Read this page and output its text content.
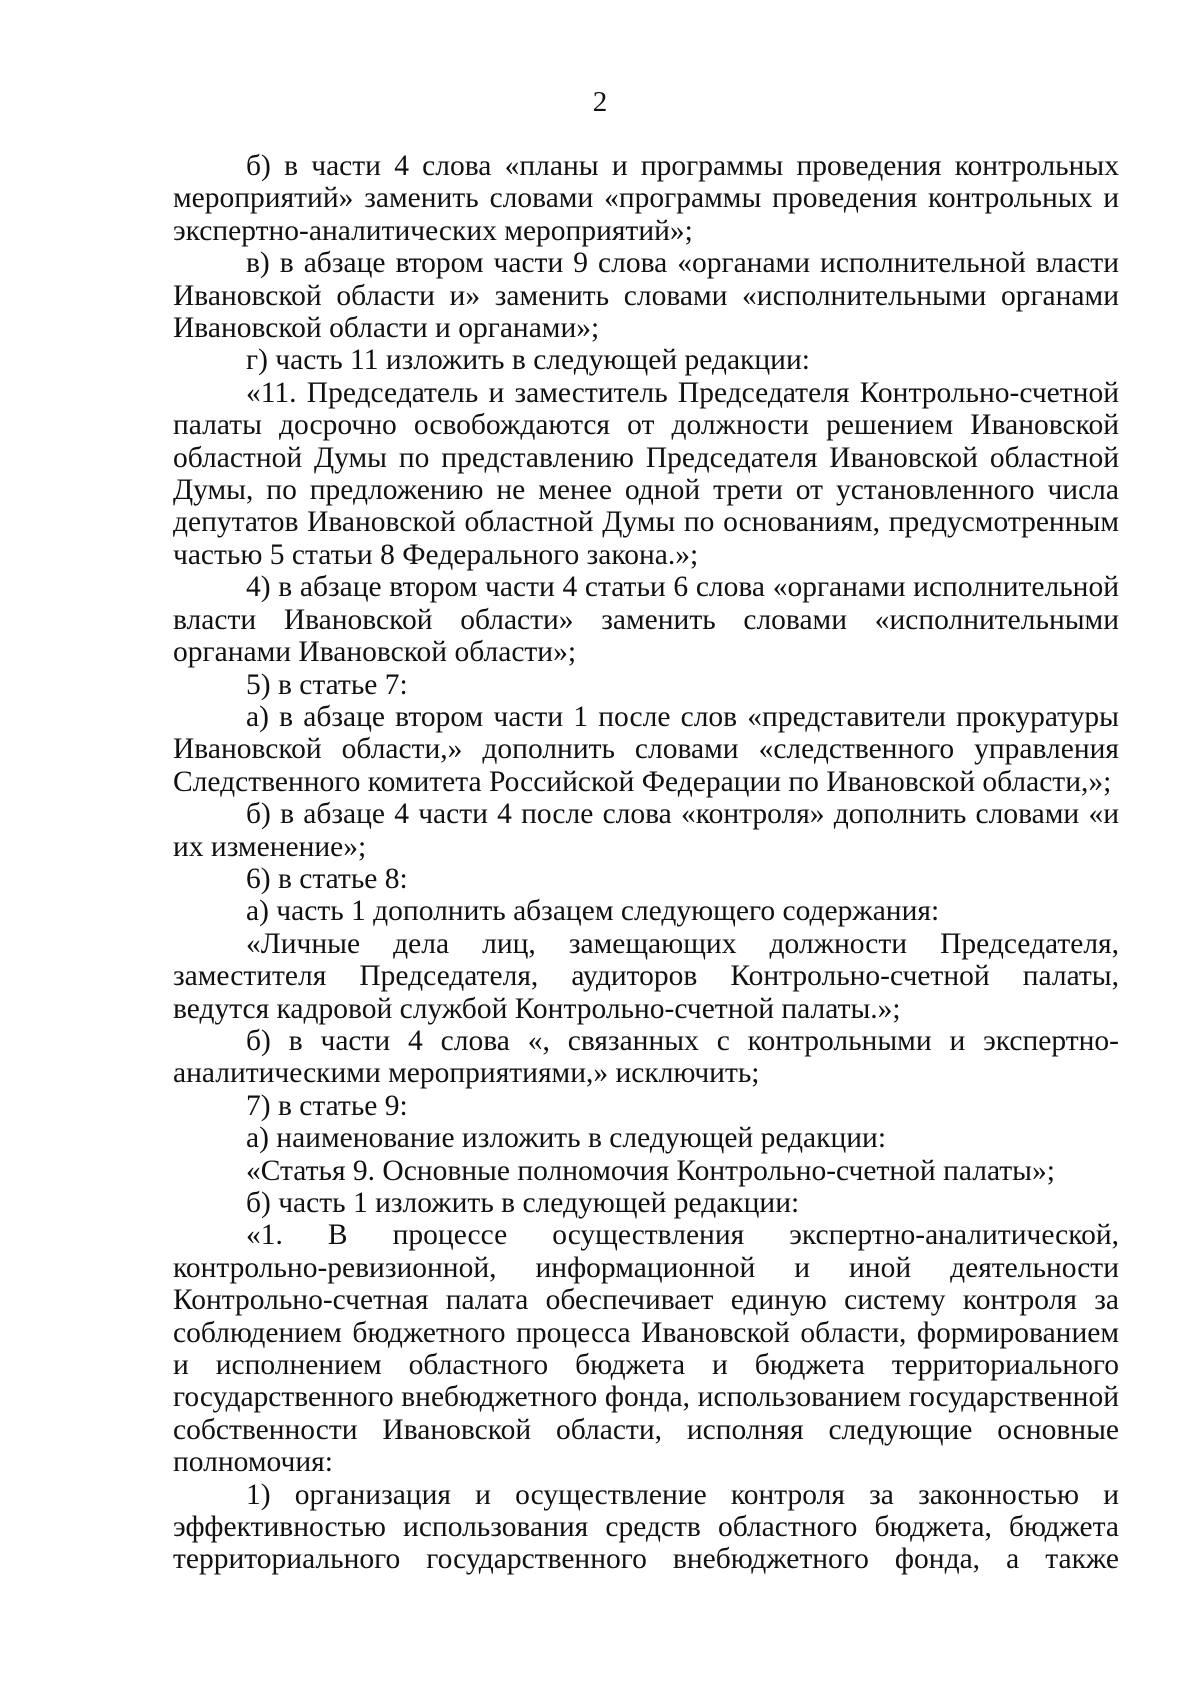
2

б) в части 4 слова «планы и программы проведения контрольных мероприятий» заменить словами «программы проведения контрольных и экспертно-аналитических мероприятий»;

в) в абзаце втором части 9 слова «органами исполнительной власти Ивановской области и» заменить словами «исполнительными органами Ивановской области и органами»;

г) часть 11 изложить в следующей редакции:

«11. Председатель и заместитель Председателя Контрольно-счетной палаты досрочно освобождаются от должности решением Ивановской областной Думы по представлению Председателя Ивановской областной Думы, по предложению не менее одной трети от установленного числа депутатов Ивановской областной Думы по основаниям, предусмотренным частью 5 статьи 8 Федерального закона.»;

4) в абзаце втором части 4 статьи 6 слова «органами исполнительной власти Ивановской области» заменить словами «исполнительными органами Ивановской области»;

5) в статье 7:

а) в абзаце втором части 1 после слов «представители прокуратуры Ивановской области,» дополнить словами «следственного управления Следственного комитета Российской Федерации по Ивановской области,»;

б) в абзаце 4 части 4 после слова «контроля» дополнить словами «и их изменение»;

6) в статье 8:

а) часть 1 дополнить абзацем следующего содержания:

«Личные дела лиц, замещающих должности Председателя, заместителя Председателя, аудиторов Контрольно-счетной палаты, ведутся кадровой службой Контрольно-счетной палаты.»;

б) в части 4 слова «, связанных с контрольными и экспертно-аналитическими мероприятиями,» исключить;

7) в статье 9:

а) наименование изложить в следующей редакции:

«Статья 9. Основные полномочия Контрольно-счетной палаты»;

б) часть 1 изложить в следующей редакции:

«1. В процессе осуществления экспертно-аналитической, контрольно-ревизионной, информационной и иной деятельности Контрольно-счетная палата обеспечивает единую систему контроля за соблюдением бюджетного процесса Ивановской области, формированием и исполнением областного бюджета и бюджета территориального государственного внебюджетного фонда, использованием государственной собственности Ивановской области, исполняя следующие основные полномочия:

1) организация и осуществление контроля за законностью и эффективностью использования средств областного бюджета, бюджета территориального государственного внебюджетного фонда, а также
